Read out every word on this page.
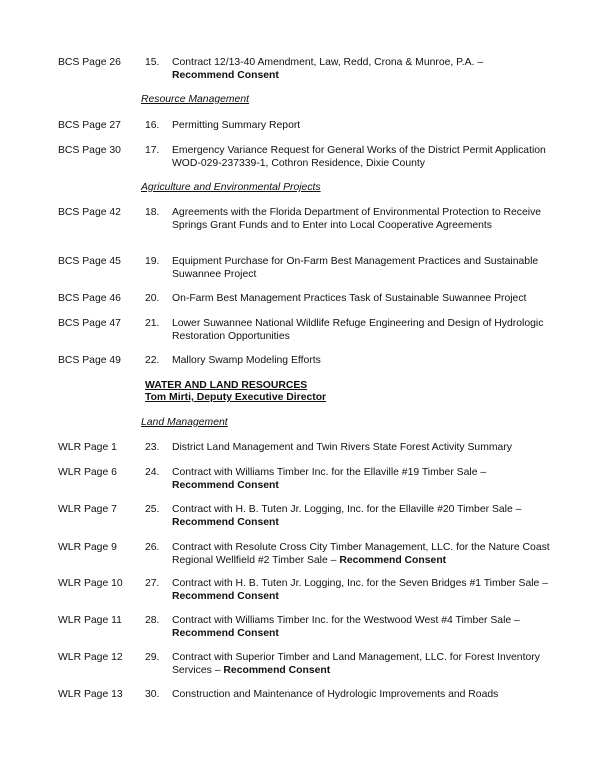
BCS Page 26 15. Contract 12/13-40 Amendment, Law, Redd, Crona & Munroe, P.A. –
Recommend Consent
Resource Management
BCS Page 27 16. Permitting Summary Report
BCS Page 30 17. Emergency Variance Request for General Works of the District Permit Application WOD-029-237339-1, Cothron Residence, Dixie County
Agriculture and Environmental Projects
BCS Page 42 18. Agreements with the Florida Department of Environmental Protection to Receive Springs Grant Funds and to Enter into Local Cooperative Agreements
BCS Page 45 19. Equipment Purchase for On-Farm Best Management Practices and Sustainable Suwannee Project
BCS Page 46 20. On-Farm Best Management Practices Task of Sustainable Suwannee Project
BCS Page 47 21. Lower Suwannee National Wildlife Refuge Engineering and Design of Hydrologic Restoration Opportunities
BCS Page 49 22. Mallory Swamp Modeling Efforts
WATER AND LAND RESOURCES
Tom Mirti, Deputy Executive Director
Land Management
WLR Page 1	23. District Land Management and Twin Rivers State Forest Activity Summary
WLR Page 6	24. Contract with Williams Timber Inc. for the Ellaville #19 Timber Sale –
Recommend Consent
WLR Page 7	25. Contract with H. B. Tuten Jr. Logging, Inc. for the Ellaville #20 Timber Sale –
Recommend Consent
WLR Page 9	26. Contract with Resolute Cross City Timber Management, LLC. for the Nature Coast Regional Wellfield #2 Timber Sale – Recommend Consent
WLR Page 10 27. Contract with H. B. Tuten Jr. Logging, Inc. for the Seven Bridges #1 Timber Sale – Recommend Consent
WLR Page 11 28. Contract with Williams Timber Inc. for the Westwood West #4 Timber Sale –
Recommend Consent
WLR Page 12 29. Contract with Superior Timber and Land Management, LLC. for Forest Inventory Services – Recommend Consent
WLR Page 13 30. Construction and Maintenance of Hydrologic Improvements and Roads
